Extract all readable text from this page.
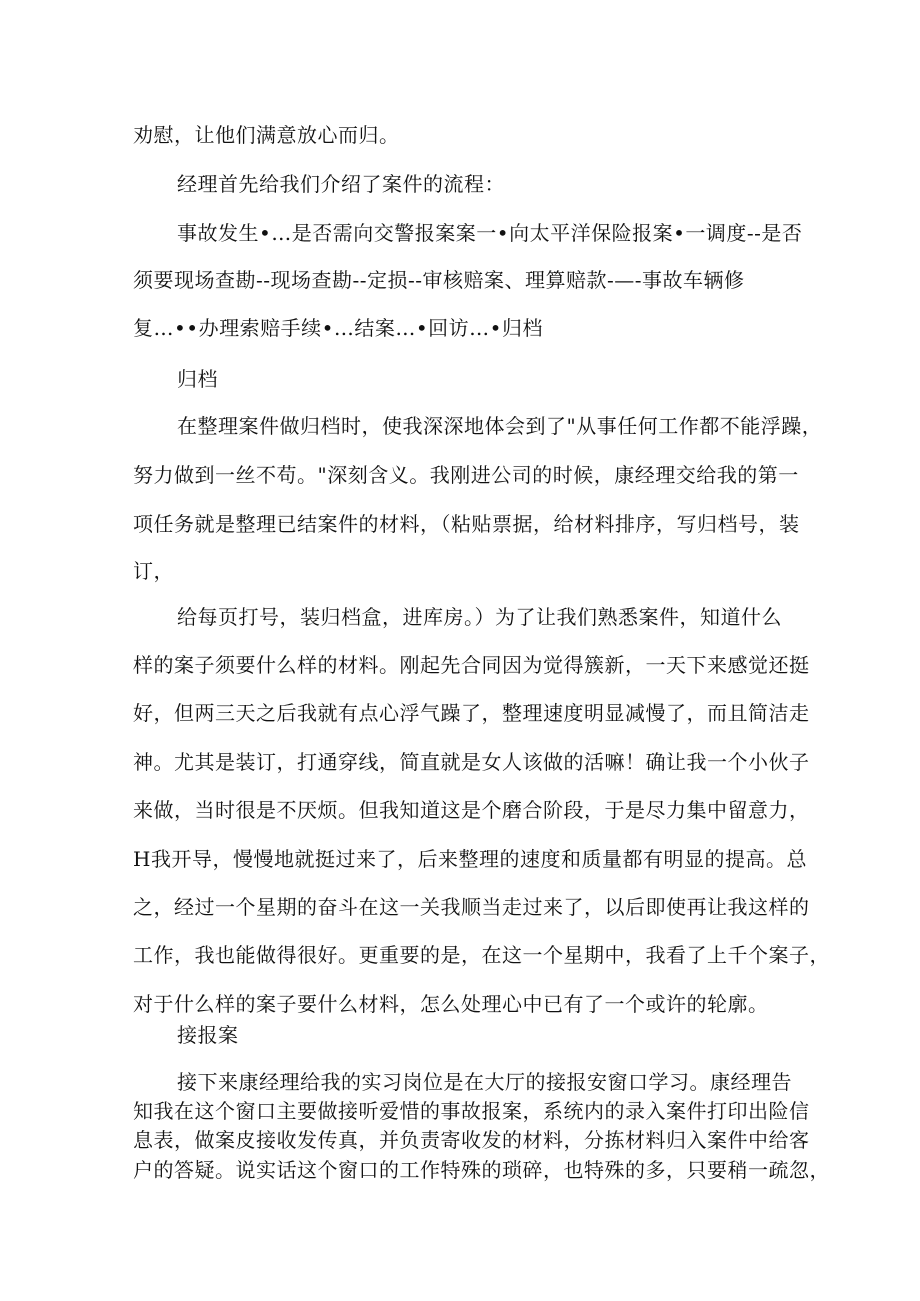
劝慰，让他们满意放心而归。
经理首先给我们介绍了案件的流程：
事故发生•…是否需向交警报案案一•向太平洋保险报案•一调度--是否
须要现场查勘--现场查勘--定损--审核赔案、理算赔款-—-事故车辆修
复…••办理索赔手续•…结案…•回访…•归档
归档
在整理案件做归档时，使我深深地体会到了"从事任何工作都不能浮躁，
努力做到一丝不苟。"深刻含义。我刚进公司的时候，康经理交给我的第一
项任务就是整理已结案件的材料，（粘贴票据，给材料排序，写归档号，装
订，
给每页打号，装归档盒，进库房。）为了让我们熟悉案件，知道什么
样的案子须要什么样的材料。刚起先合同因为觉得簇新，一天下来感觉还挺
好，但两三天之后我就有点心浮气躁了，整理速度明显减慢了，而且简洁走
神。尤其是装订，打通穿线，简直就是女人该做的活嘛！确让我一个小伙子
来做，当时很是不厌烦。但我知道这是个磨合阶段，于是尽力集中留意力，
H我开导，慢慢地就挺过来了，后来整理的速度和质量都有明显的提高。总
之，经过一个星期的奋斗在这一关我顺当走过来了，以后即使再让我这样的
工作，我也能做得很好。更重要的是，在这一个星期中，我看了上千个案子，
对于什么样的案子要什么材料，怎么处理心中已有了一个或许的轮廓。
接报案
接下来康经理给我的实习岗位是在大厅的接报安窗口学习。康经理告
知我在这个窗口主要做接听爱惜的事故报案，系统内的录入案件打印出险信
息表，做案皮接收发传真，并负责寄收发的材料，分拣材料归入案件中给客
户的答疑。说实话这个窗口的工作特殊的琐碎，也特殊的多，只要稍一疏忽，
